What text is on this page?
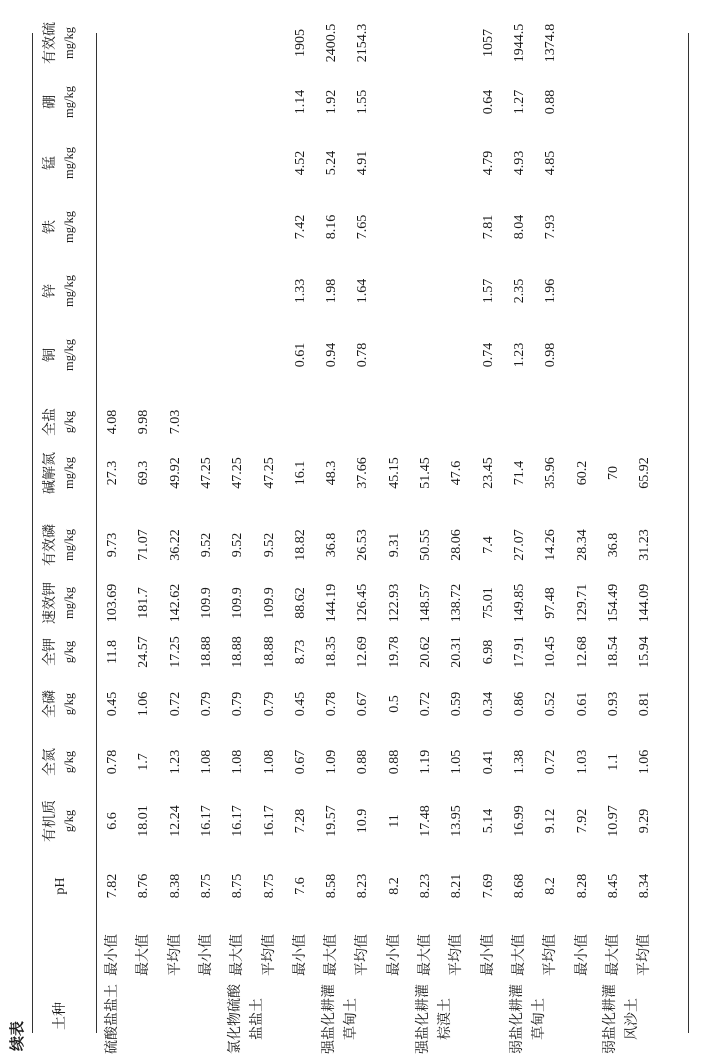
续表
土种
pH
有机质 g/kg
全氮 g/kg
全磷 g/kg
全钾 g/kg
速效钾 mg/kg
有效磷 mg/kg
碱解氮 mg/kg
全盐 g/kg
铜 mg/kg
锌 mg/kg
铁 mg/kg
锰 mg/kg
硼 mg/kg
有效硫 mg/kg
最小值
7.82
6.6
0.78
0.45
11.8
103.69
9.73
27.3
4.08
最大值
8.76
18.01
1.7
1.06
24.57
181.7
71.07
69.3
9.98
平均值
8.38
12.24
1.23
0.72
17.25
142.62
36.22
49.92
7.03
硫酸盐盐土
最小值
8.75
16.17
1.08
0.79
18.88
109.9
9.52
47.25
最大值
8.75
16.17
1.08
0.79
18.88
109.9
9.52
47.25
平均值
8.75
16.17
1.08
0.79
18.88
109.9
9.52
47.25
氯化物硫酸 盐盐土
最小值
7.6
7.28
0.67
0.45
8.73
88.62
18.82
16.1
0.61
1.33
7.42
4.52
1.14
1905
最大值
8.58
19.57
1.09
0.78
18.35
144.19
36.8
48.3
0.94
1.98
8.16
5.24
1.92
2400.5
平均值
8.23
10.9
0.88
0.67
12.69
126.45
26.53
37.66
0.78
1.64
7.65
4.91
1.55
2154.3
强盐化耕灌 草甸土
最小值
8.2
11
0.88
0.5
19.78
122.93
9.31
45.15
最大值
8.23
17.48
1.19
0.72
20.62
148.57
50.55
51.45
平均值
8.21
13.95
1.05
0.59
20.31
138.72
28.06
47.6
强盐化耕灌 棕漠土
最小值
7.69
5.14
0.41
0.34
6.98
75.01
7.4
23.45
0.74
1.57
7.81
4.79
0.64
1057
最大值
8.68
16.99
1.38
0.86
17.91
149.85
27.07
71.4
1.23
2.35
8.04
4.93
1.27
1944.5
平均值
8.2
9.12
0.72
0.52
10.45
97.48
14.26
35.96
0.98
1.96
7.93
4.85
0.88
1374.8
弱盐化耕灌 草甸土
最小值
8.28
7.92
1.03
0.61
12.68
129.71
28.34
60.2
最大值
8.45
10.97
1.1
0.93
18.54
154.49
36.8
70
平均值
8.34
9.29
1.06
0.81
15.94
144.09
31.23
65.92
弱盐化耕灌 风沙土
